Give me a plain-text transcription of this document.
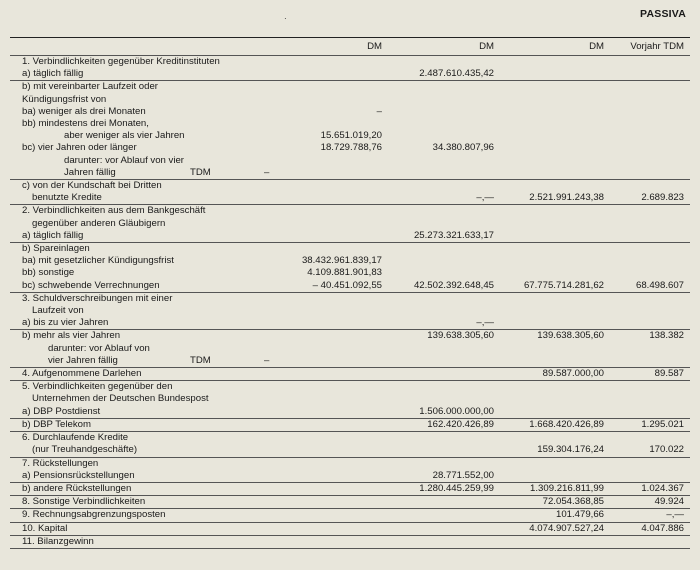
PASSIVA
·
	DM	DM	DM	Vorjahr TDM
1. Verbindlichkeiten gegenüber Kreditinstituten				
a) täglich fällig		2.487.610.435,42		
b) mit vereinbarter Laufzeit oder				
Kündigungsfrist von				
ba) weniger als drei Monaten	–			
bb) mindestens drei Monaten,				
aber weniger als vier Jahren	15.651.019,20			
bc) vier Jahren oder länger	18.729.788,76	34.380.807,96		
darunter: vor Ablauf von vier				
Jahren fällig TDM –				

c) von der Kundschaft bei Dritten				
benutzte Kredite		–,—	2.521.991.243,38	2.689.823
2. Verbindlichkeiten aus dem Bankgeschäft				
gegenüber anderen Gläubigern				
a) täglich fällig		25.273.321.633,17		
b) Spareinlagen				
ba) mit gesetzlicher Kündigungsfrist	38.432.961.839,17			
bb) sonstige	4.109.881.901,83			
bc) schwebende Verrechnungen	– 40.451.092,55	42.502.392.648,45	67.775.714.281,62	68.498.607
3. Schuldverschreibungen mit einer				
Laufzeit von				
a) bis zu vier Jahren		–,—		
b) mehr als vier Jahren		139.638.305,60	139.638.305,60	138.382
darunter: vor Ablauf von				
vier Jahren fällig TDM –				

4. Aufgenommene Darlehen			89.587.000,00	89.587
5. Verbindlichkeiten gegenüber den				
Unternehmen der Deutschen Bundespost				
a) DBP Postdienst		1.506.000.000,00		
b) DBP Telekom		162.420.426,89	1.668.420.426,89	1.295.021
6. Durchlaufende Kredite				
(nur Treuhandgeschäfte)			159.304.176,24	170.022
7. Rückstellungen				
a) Pensionsrückstellungen		28.771.552,00		
b) andere Rückstellungen		1.280.445.259,99	1.309.216.811,99	1.024.367
8. Sonstige Verbindlichkeiten			72.054.368,85	49.924
9. Rechnungsabgrenzungsposten			101.479,66	–,—
10. Kapital			4.074.907.527,24	4.047.886
11. Bilanzgewinn				
